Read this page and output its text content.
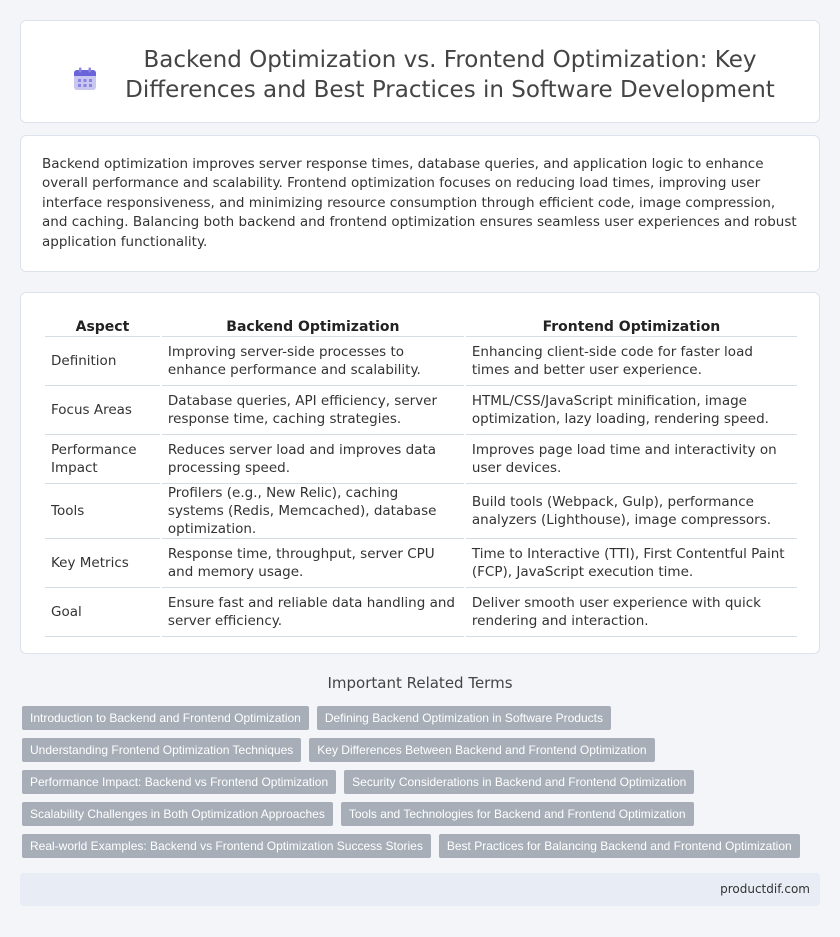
Backend Optimization vs. Frontend Optimization: Key Differences and Best Practices in Software Development

Backend optimization improves server response times, database queries, and application logic to enhance overall performance and scalability. Frontend optimization focuses on reducing load times, improving user interface responsiveness, and minimizing resource consumption through efficient code, image compression, and caching. Balancing both backend and frontend optimization ensures seamless user experiences and robust application functionality.

Aspect	Backend Optimization	Frontend Optimization
Definition	Improving server-side processes to enhance performance and scalability.	Enhancing client-side code for faster load times and better user experience.
Focus Areas	Database queries, API efficiency, server response time, caching strategies.	HTML/CSS/JavaScript minification, image optimization, lazy loading, rendering speed.
Performance Impact	Reduces server load and improves data processing speed.	Improves page load time and interactivity on user devices.
Tools	Profilers (e.g., New Relic), caching systems (Redis, Memcached), database optimization.	Build tools (Webpack, Gulp), performance analyzers (Lighthouse), image compressors.
Key Metrics	Response time, throughput, server CPU and memory usage.	Time to Interactive (TTI), First Contentful Paint (FCP), JavaScript execution time.
Goal	Ensure fast and reliable data handling and server efficiency.	Deliver smooth user experience with quick rendering and interaction.
Important Related Terms
Introduction to Backend and Frontend Optimization	Defining Backend Optimization in Software Products
Understanding Frontend Optimization Techniques	Key Differences Between Backend and Frontend Optimization
Performance Impact: Backend vs Frontend Optimization	Security Considerations in Backend and Frontend Optimization
Scalability Challenges in Both Optimization Approaches	Tools and Technologies for Backend and Frontend Optimization
Real-world Examples: Backend vs Frontend Optimization Success Stories	Best Practices for Balancing Backend and Frontend Optimization
productdif.com
